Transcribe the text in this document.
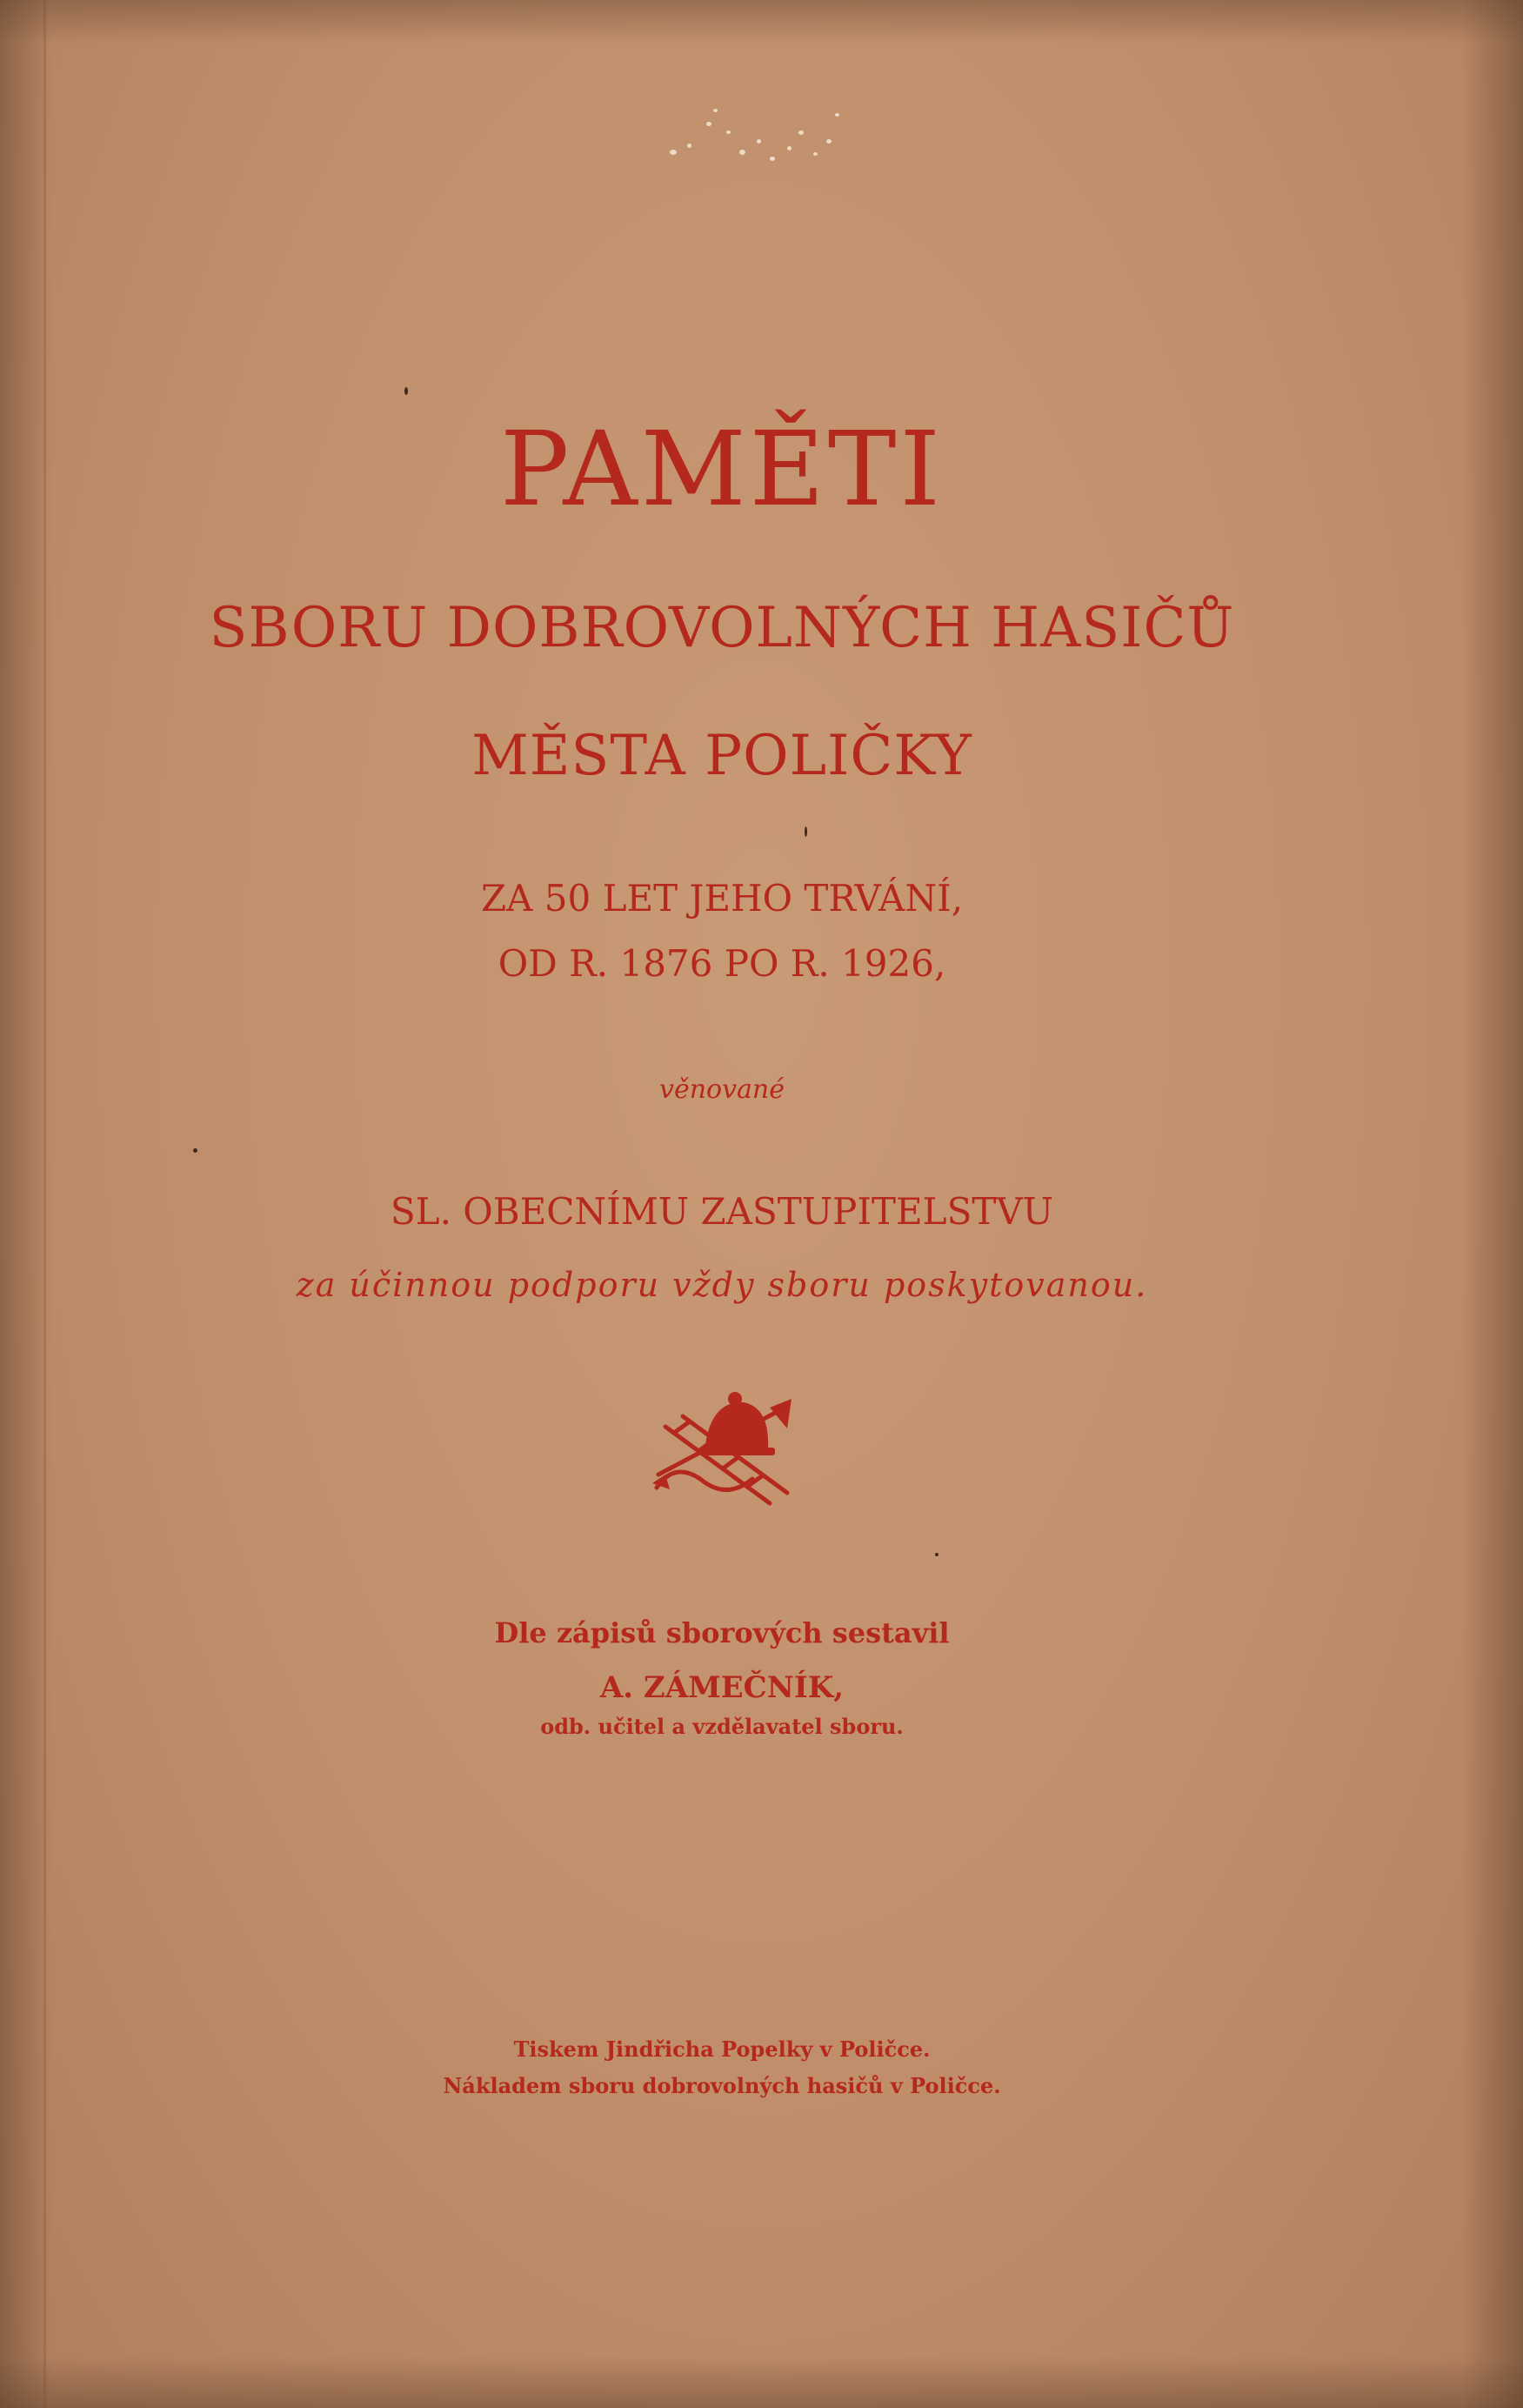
PAMĚTI
SBORU DOBROVOLNÝCH HASIČŮ
MĚSTA POLIČKY
ZA 50 LET JEHO TRVÁNÍ,
OD R. 1876 PO R. 1926,
věnované
SL. OBECNÍMU ZASTUPITELSTVU
za účinnou podporu vždy sboru poskytovanou.
Dle zápisů sborových sestavil
A. ZÁMEČNÍK,
odb. učitel a vzdělavatel sboru.
Tiskem Jindřicha Popelky v Poličce.
Nákladem sboru dobrovolných hasičů v Poličce.
